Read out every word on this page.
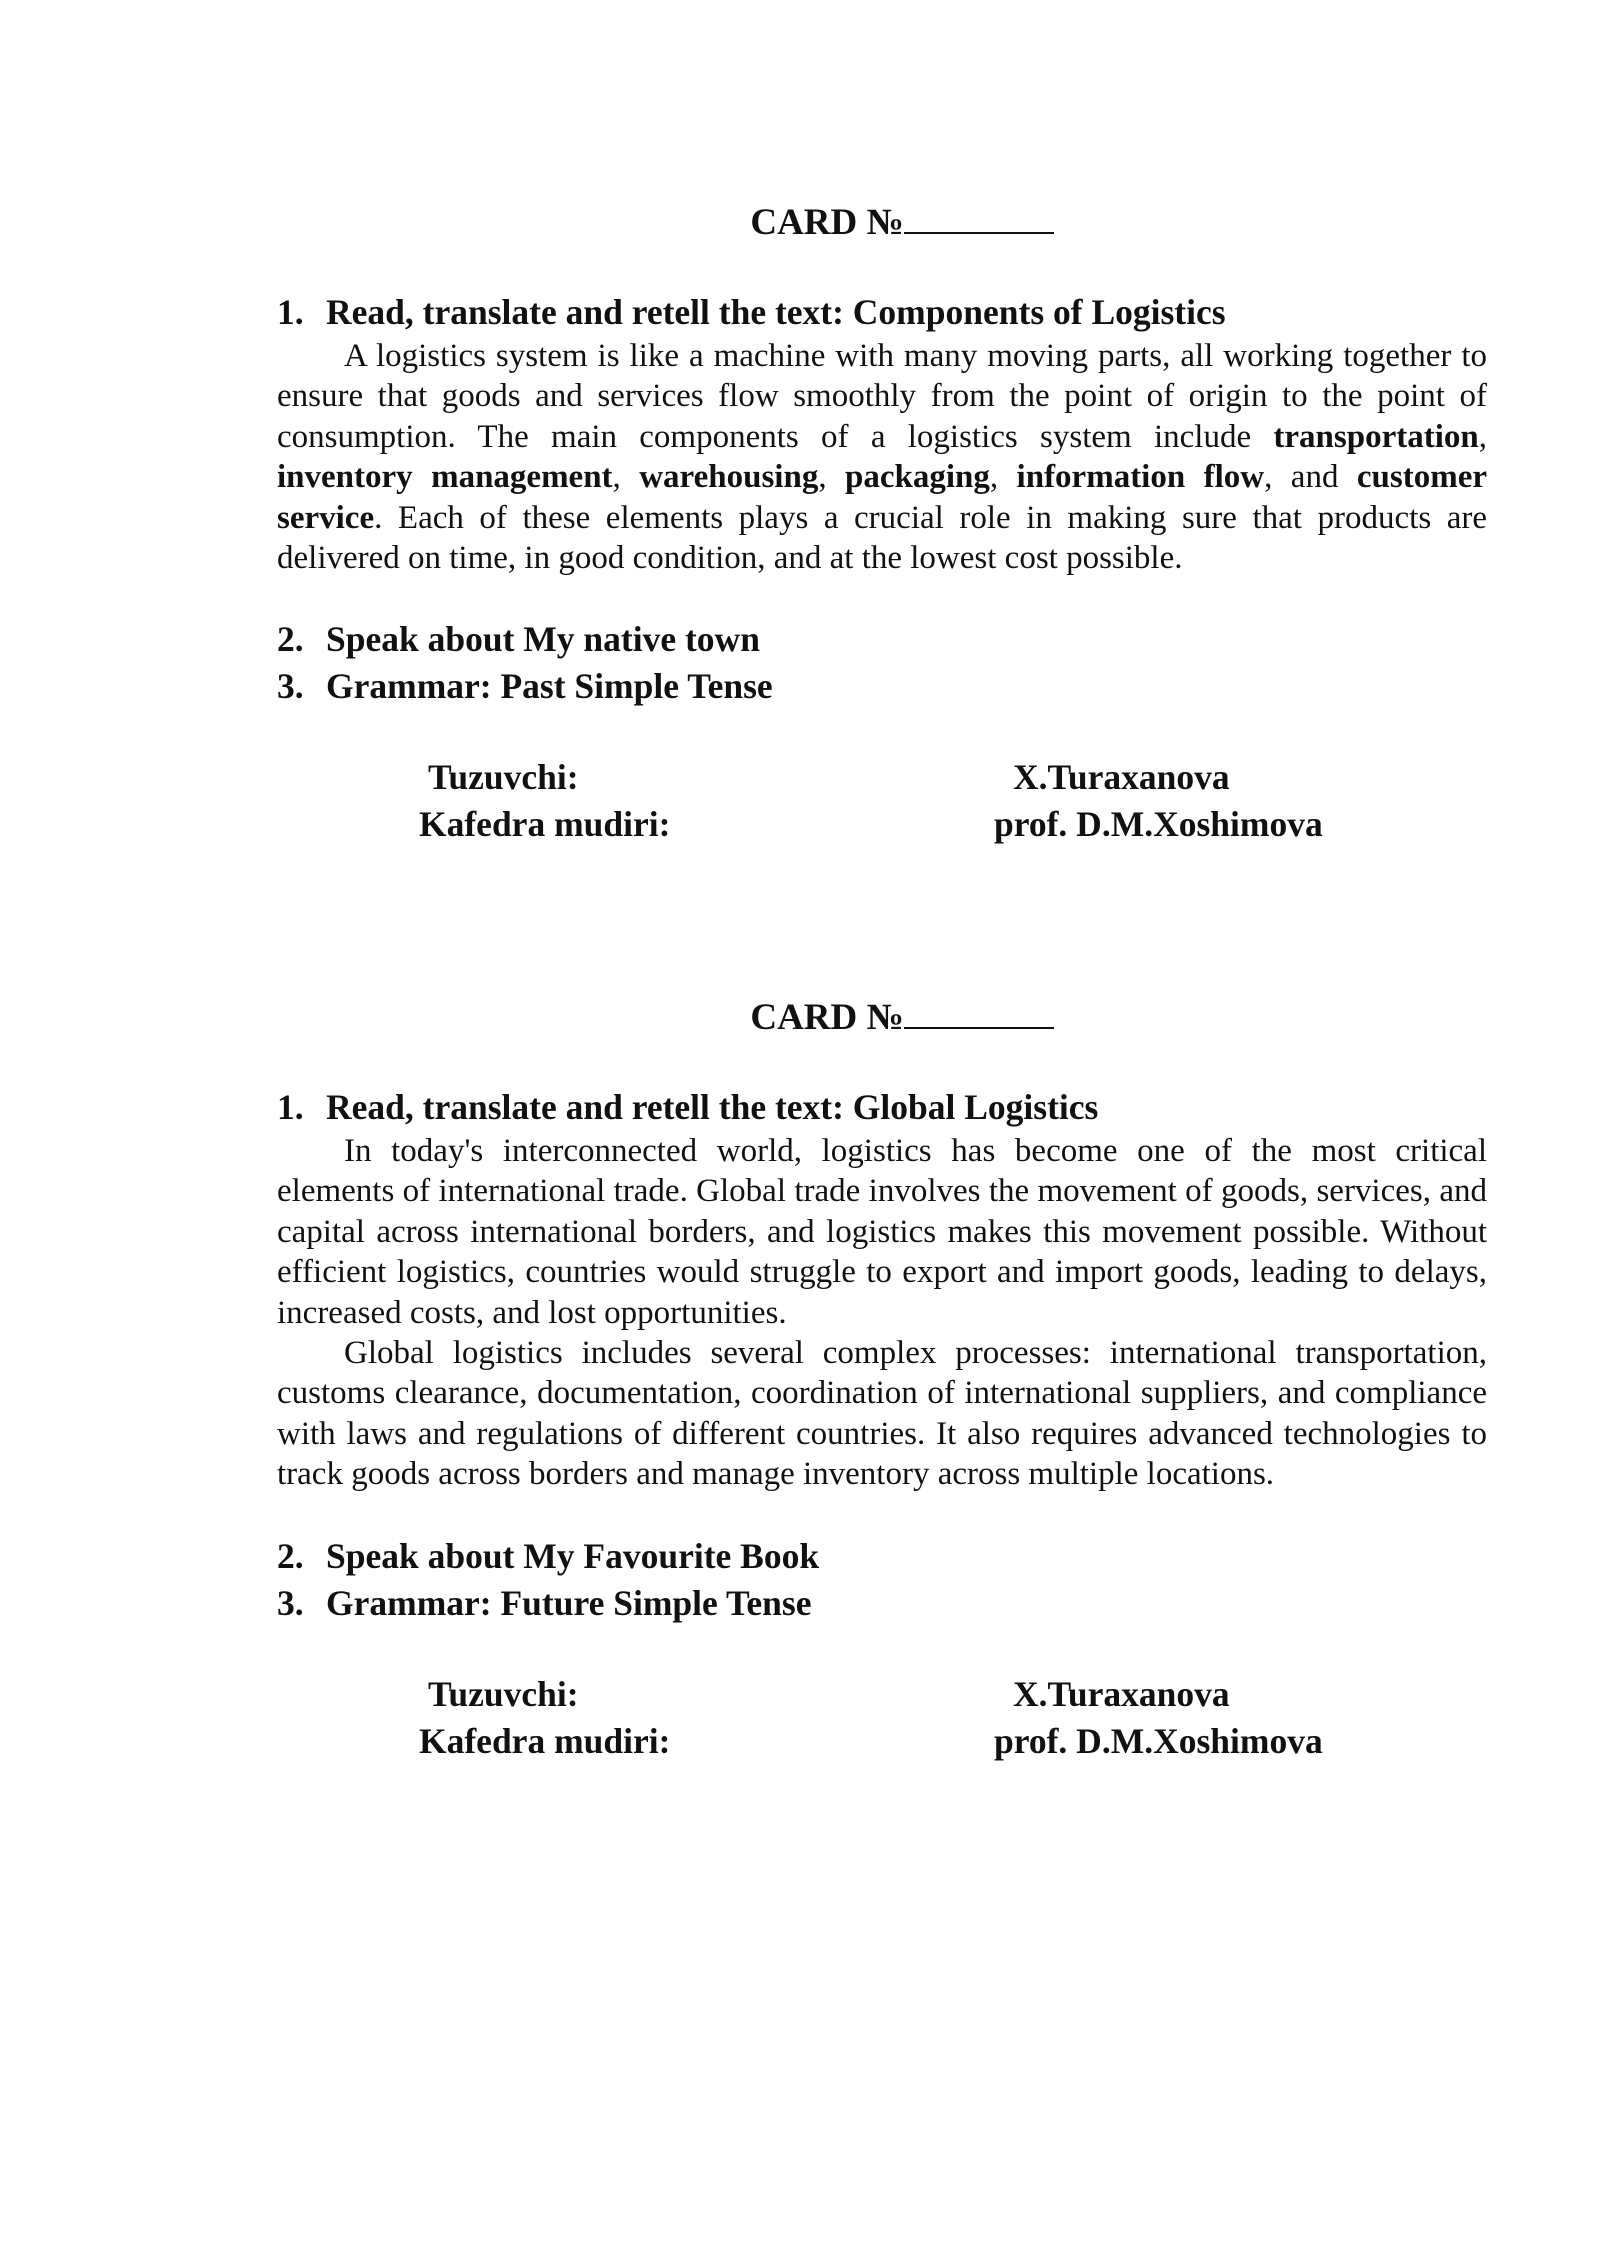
CARD №
1. Read, translate and retell the text: Components of Logistics

A logistics system is like a machine with many moving parts, all working together to ensure that goods and services flow smoothly from the point of origin to the point of consumption. The main components of a logistics system include transportation, inventory management, warehousing, packaging, information flow, and customer service. Each of these elements plays a crucial role in making sure that products are delivered on time, in good condition, and at the lowest cost possible.

2. Speak about My native town
3. Grammar: Past Simple Tense
Tuzuvchi:	X.Turaxanova
Kafedra mudiri:	prof. D.M.Xoshimova
CARD №
1. Read, translate and retell the text: Global Logistics

In today's interconnected world, logistics has become one of the most critical elements of international trade. Global trade involves the movement of goods, services, and capital across international borders, and logistics makes this movement possible. Without efficient logistics, countries would struggle to export and import goods, leading to delays, increased costs, and lost opportunities.

Global logistics includes several complex processes: international transportation, customs clearance, documentation, coordination of international suppliers, and compliance with laws and regulations of different countries. It also requires advanced technologies to track goods across borders and manage inventory across multiple locations.

2. Speak about My Favourite Book
3. Grammar: Future Simple Tense
Tuzuvchi:	X.Turaxanova
Kafedra mudiri:	prof. D.M.Xoshimova
